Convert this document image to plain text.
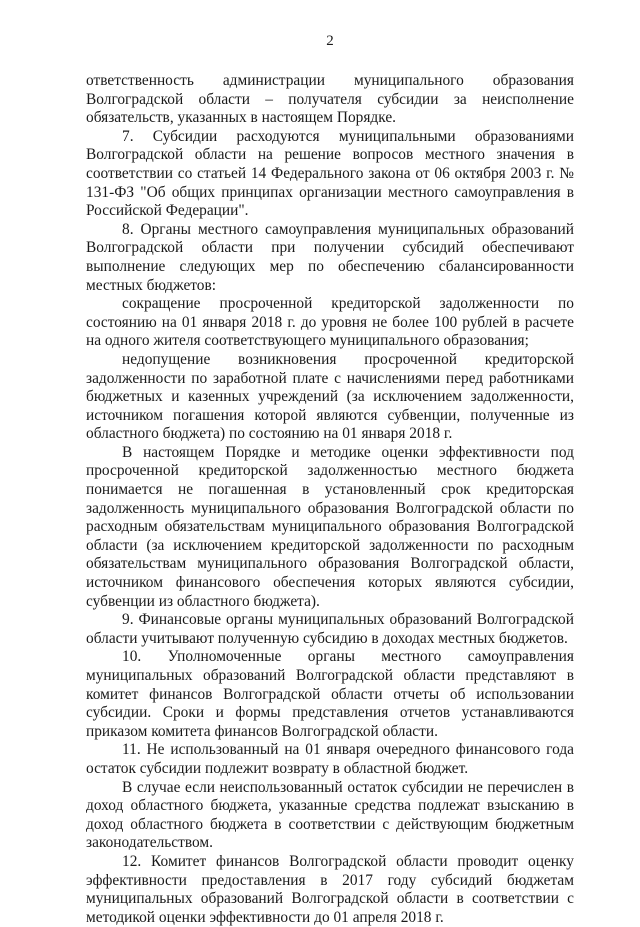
2

ответственность администрации муниципального образования Волгоградской области – получателя субсидии за неисполнение обязательств, указанных в настоящем Порядке.

7. Субсидии расходуются муниципальными образованиями Волгоградской области на решение вопросов местного значения в соответствии со статьей 14 Федерального закона от 06 октября 2003 г. № 131-ФЗ "Об общих принципах организации местного самоуправления в Российской Федерации".

8. Органы местного самоуправления муниципальных образований Волгоградской области при получении субсидий обеспечивают выполнение следующих мер по обеспечению сбалансированности местных бюджетов:

сокращение просроченной кредиторской задолженности по состоянию на 01 января 2018 г. до уровня не более 100 рублей в расчете на одного жителя соответствующего муниципального образования;

недопущение возникновения просроченной кредиторской задолженности по заработной плате с начислениями перед работниками бюджетных и казенных учреждений (за исключением задолженности, источником погашения которой являются субвенции, полученные из областного бюджета) по состоянию на 01 января 2018 г.

В настоящем Порядке и методике оценки эффективности под просроченной кредиторской задолженностью местного бюджета понимается не погашенная в установленный срок кредиторская задолженность муниципального образования Волгоградской области по расходным обязательствам муниципального образования Волгоградской области (за исключением кредиторской задолженности по расходным обязательствам муниципального образования Волгоградской области, источником финансового обеспечения которых являются субсидии, субвенции из областного бюджета).

9. Финансовые органы муниципальных образований Волгоградской области учитывают полученную субсидию в доходах местных бюджетов.

10. Уполномоченные органы местного самоуправления муниципальных образований Волгоградской области представляют в комитет финансов Волгоградской области отчеты об использовании субсидии. Сроки и формы представления отчетов устанавливаются приказом комитета финансов Волгоградской области.

11. Не использованный на 01 января очередного финансового года остаток субсидии подлежит возврату в областной бюджет.

В случае если неиспользованный остаток субсидии не перечислен в доход областного бюджета, указанные средства подлежат взысканию в доход областного бюджета в соответствии с действующим бюджетным законодательством.

12. Комитет финансов Волгоградской области проводит оценку эффективности предоставления в 2017 году субсидий бюджетам муниципальных образований Волгоградской области в соответствии с методикой оценки эффективности до 01 апреля 2018 г.
